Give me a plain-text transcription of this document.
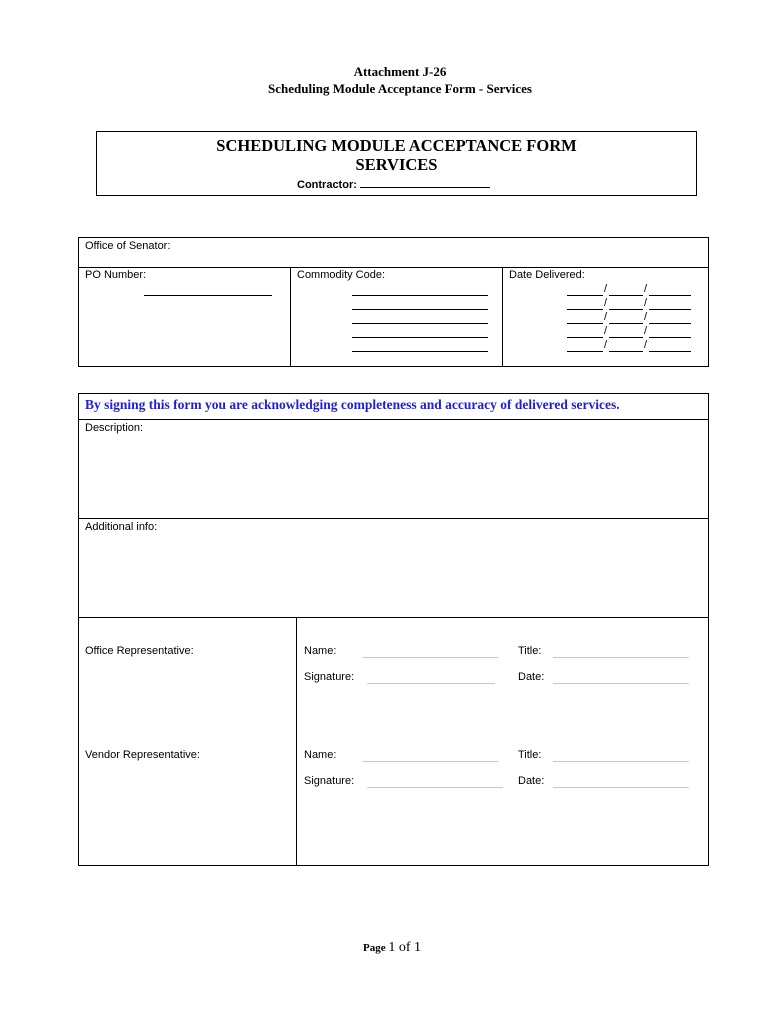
Attachment J-26
Scheduling Module Acceptance Form - Services
SCHEDULING MODULE ACCEPTANCE FORM
SERVICES
Contractor:
Office of Senator:
PO Number:	Commodity Code:	Date Delivered:
/	/
/	/
/	/
/	/
/	/
By signing this form you are acknowledging completeness and accuracy of delivered services.
Description:
Additional info:
Office Representative:	Name:	Title:
Signature:	Date:
Vendor Representative:	Name:	Title:
Signature:	Date:
Page 1 of 1
